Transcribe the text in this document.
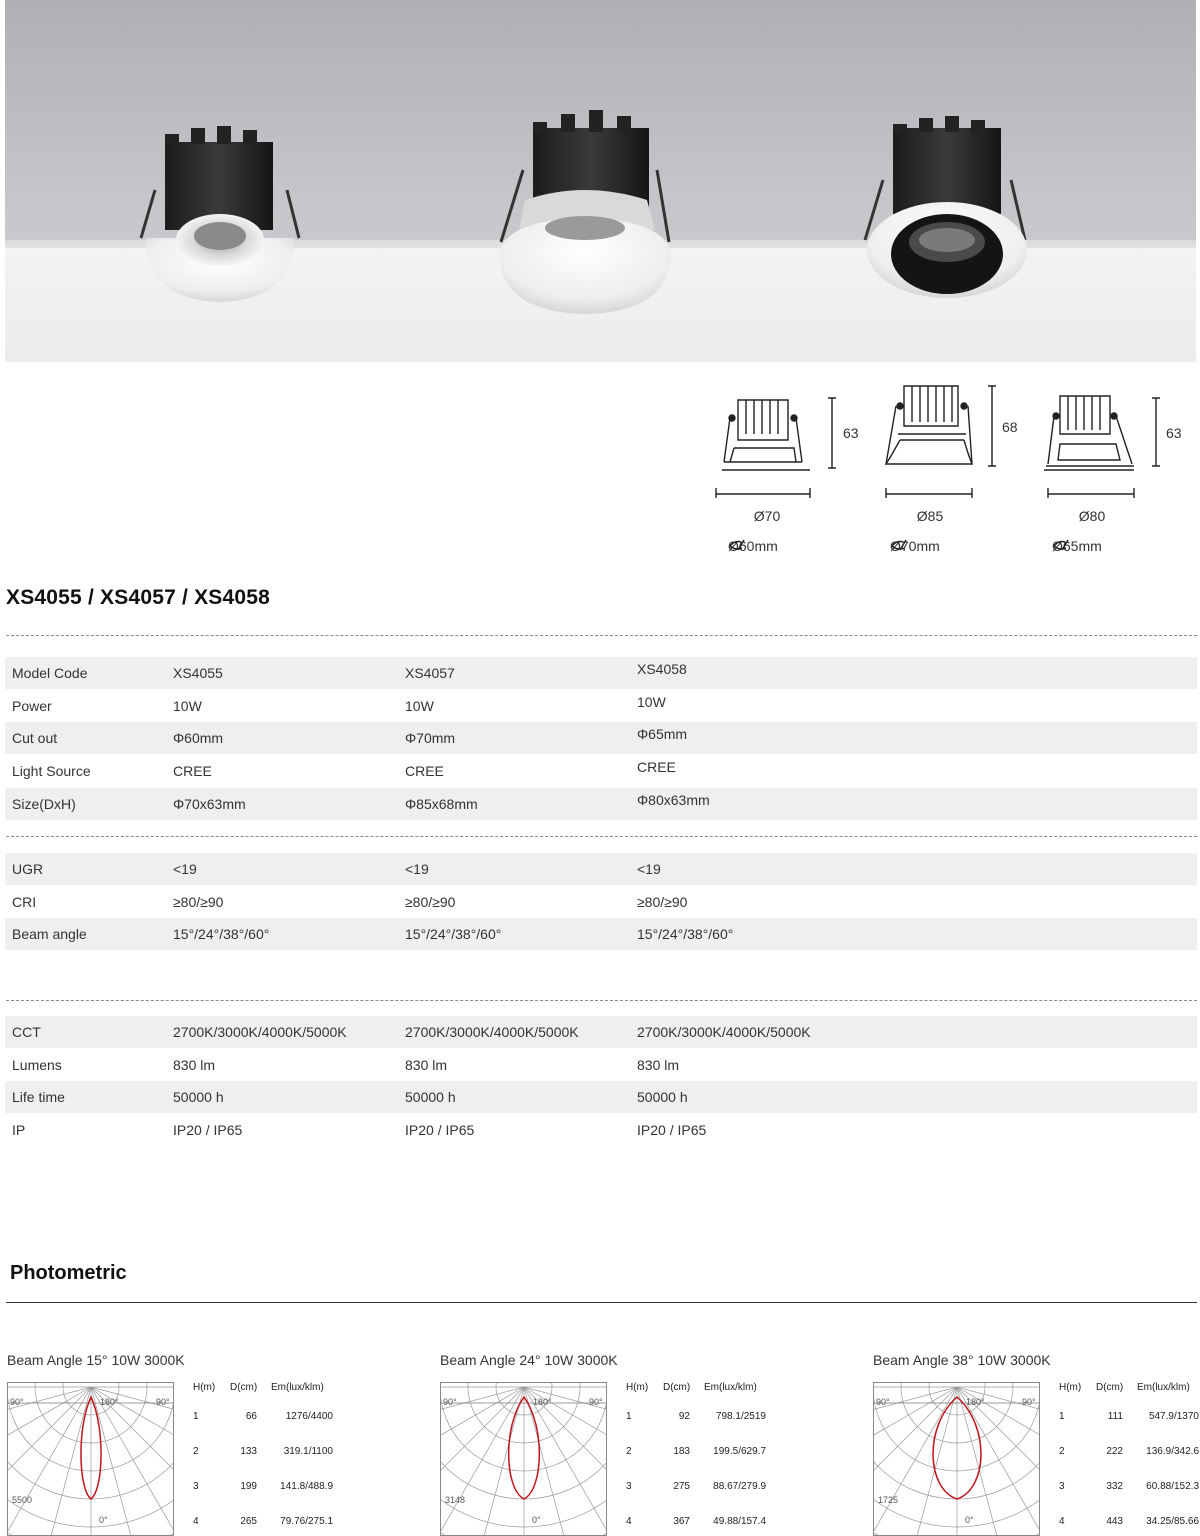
63
Ø70
Ø60mm
68
Ø85
Ø70mm
63
Ø80
Ø65mm
XS4055 / XS4057 / XS4058
Model Code	XS4055	XS4057	XS4058
Power	10W	10W	10W
Cut out	Φ60mm	Φ70mm	Φ65mm
Light Source	CREE	CREE	CREE
Size(DxH)	Φ70x63mm	Φ85x68mm	Φ80x63mm
UGR	<19	<19	<19
CRI	≥80/≥90	≥80/≥90	≥80/≥90
Beam angle	15°/24°/38°/60°	15°/24°/38°/60°	15°/24°/38°/60°
CCT	2700K/3000K/4000K/5000K	2700K/3000K/4000K/5000K	2700K/3000K/4000K/5000K
Lumens	830 lm	830 lm	830 lm
Life time	50000 h	50000 h	50000 h
IP	IP20 / IP65	IP20 / IP65	IP20 / IP65
Photometric
Beam Angle 15° 10W 3000K
90°	180°	90°
0°
5500
H(m) D(cm) Em(lux/klm)
1	66	1276/4400
2	133	319.1/1100
3	199	141.8/488.9
4	265	79.76/275.1
Beam Angle 24° 10W 3000K
90°	180°	90°
0°
3148
H(m) D(cm) Em(lux/klm)
1	92	798.1/2519
2	183	199.5/629.7
3	275	88.67/279.9
4	367	49.88/157.4
Beam Angle 38° 10W 3000K
90°	180°	90°
0°
1725
H(m) D(cm) Em(lux/klm)
1	111	547.9/1370
2	222	136.9/342.6
3	332	60.88/152.3
4	443	34.25/85.66
